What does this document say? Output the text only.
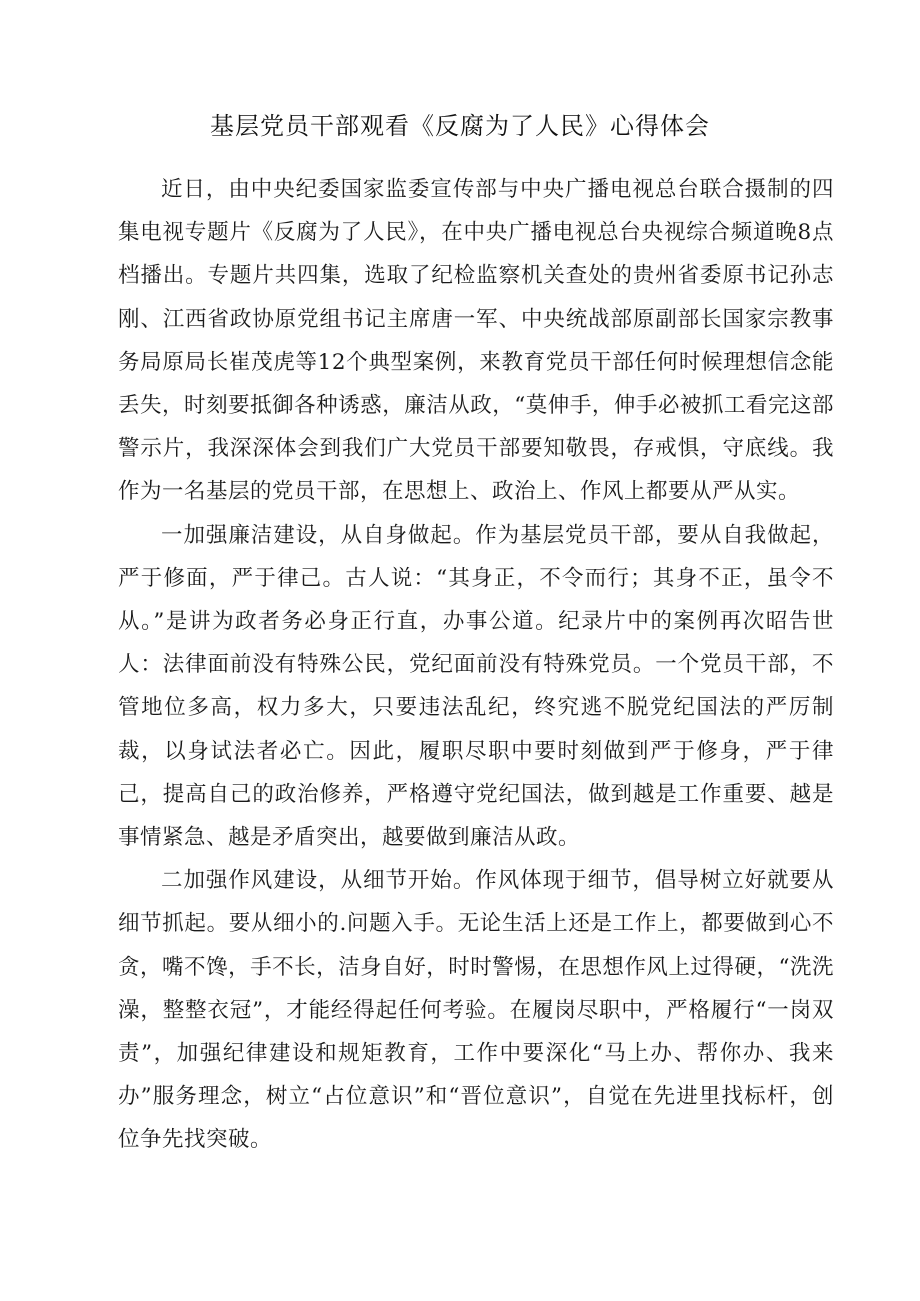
基层党员干部观看《反腐为了人民》心得体会

近日，由中央纪委国家监委宣传部与中央广播电视总台联合摄制的四集电视专题片《反腐为了人民》，在中央广播电视总台央视综合频道晚8点档播出。专题片共四集，选取了纪检监察机关查处的贵州省委原书记孙志刚、江西省政协原党组书记主席唐一军、中央统战部原副部长国家宗教事务局原局长崔茂虎等12个典型案例，来教育党员干部任何时候理想信念能丢失，时刻要抵御各种诱惑，廉洁从政，“莫伸手，伸手必被抓工看完这部警示片，我深深体会到我们广大党员干部要知敬畏，存戒惧，守底线。我作为一名基层的党员干部，在思想上、政治上、作风上都要从严从实。

一加强廉洁建设，从自身做起。作为基层党员干部，要从自我做起，严于修面，严于律己。古人说：“其身正，不令而行；其身不正，虽令不从。”是讲为政者务必身正行直，办事公道。纪录片中的案例再次昭告世人：法律面前没有特殊公民，党纪面前没有特殊党员。一个党员干部，不管地位多高，权力多大，只要违法乱纪，终究逃不脱党纪国法的严厉制裁，以身试法者必亡。因此，履职尽职中要时刻做到严于修身，严于律己，提高自己的政治修养，严格遵守党纪国法，做到越是工作重要、越是事情紧急、越是矛盾突出，越要做到廉洁从政。

二加强作风建设，从细节开始。作风体现于细节，倡导树立好就要从细节抓起。要从细小的.问题入手。无论生活上还是工作上，都要做到心不贪，嘴不馋，手不长，洁身自好，时时警惕，在思想作风上过得硬，“洗洗澡，整整衣冠”，才能经得起任何考验。在履岗尽职中，严格履行“一岗双责”，加强纪律建设和规矩教育，工作中要深化“马上办、帮你办、我来办”服务理念，树立“占位意识”和“晋位意识”，自觉在先进里找标杆，创位争先找突破。
